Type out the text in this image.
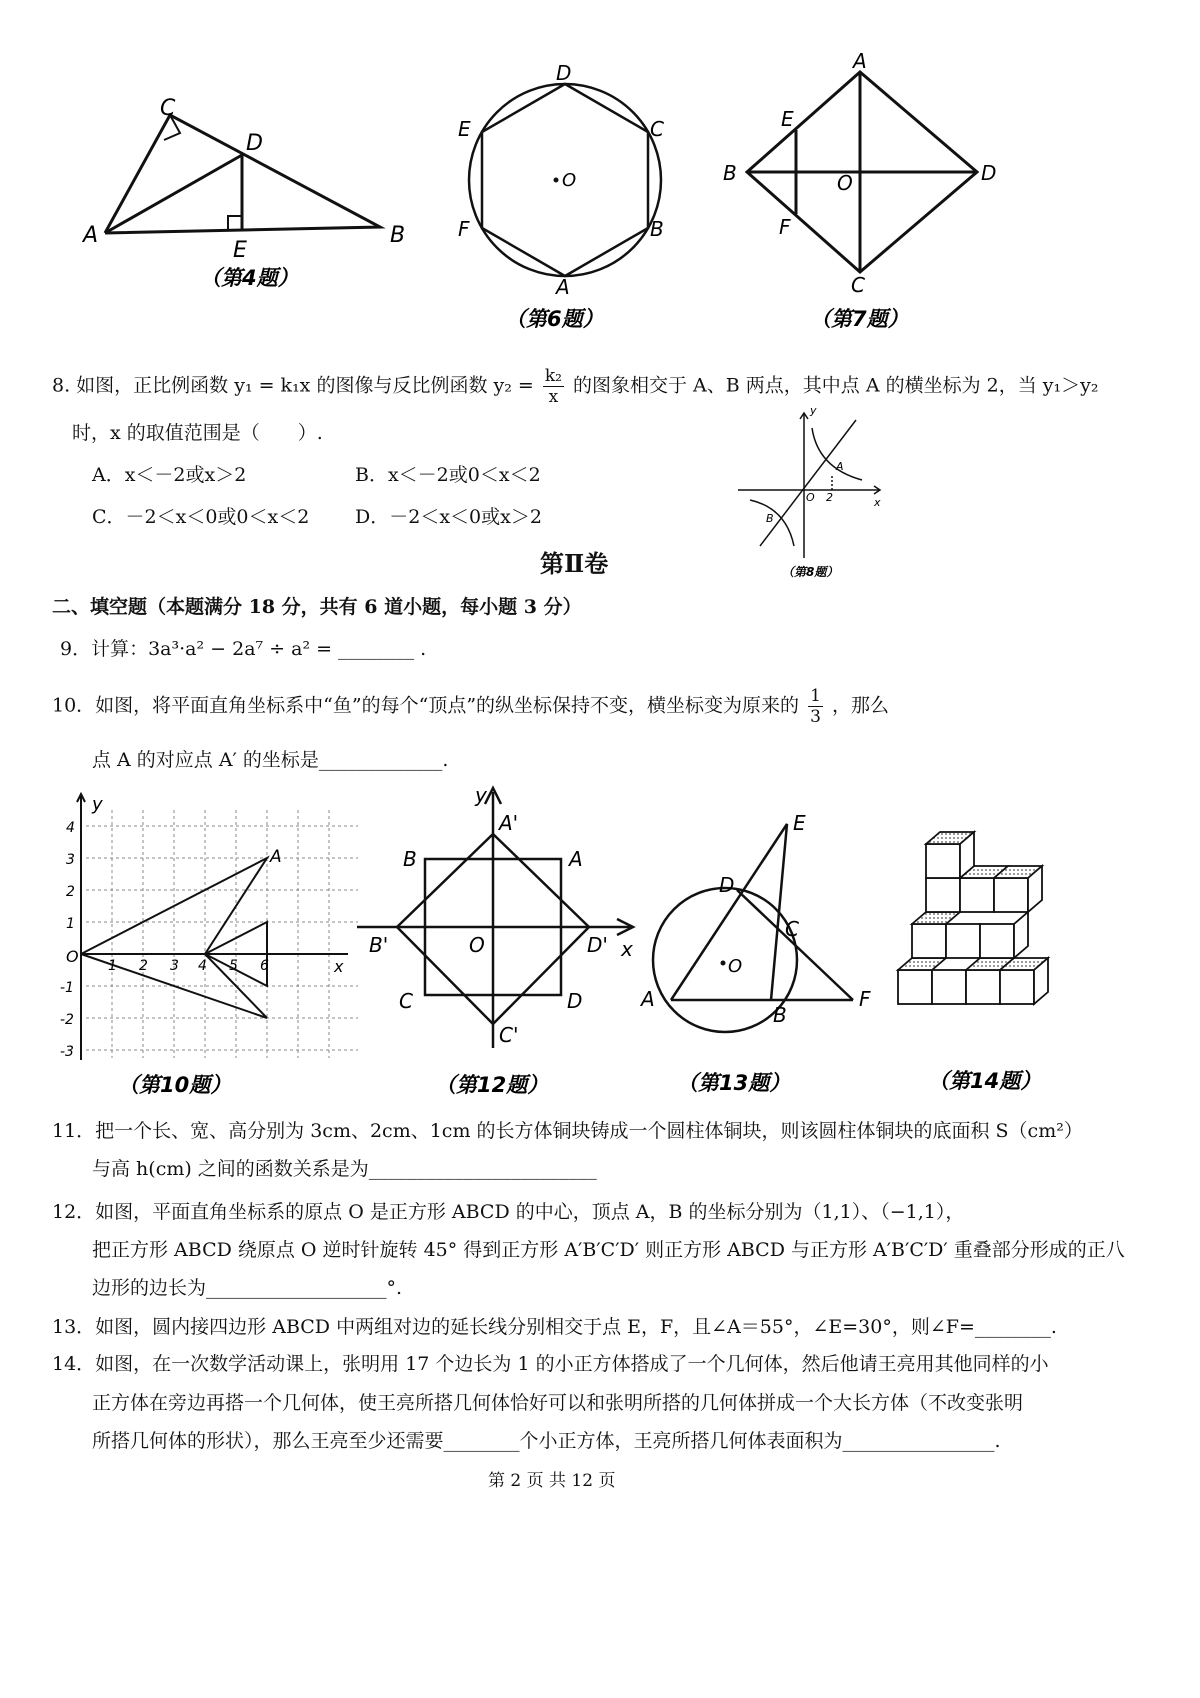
C
D
A
E
B
（第4题）
O
D
E	C
F	B
A
（第6题）
A
E
B	O	D
F
C
（第7题）
8. 如图，正比例函数 y₁ = k₁x 的图像与反比例函数 $y_2 = \frac{\text{k₂}}{x}$ 的图象相交于 A、B 两点，其中点 A 的横坐标为 2，当 y₁＞y₂
时，x 的取值范围是（　　）.
A．x＜－2或x＞2	B．x＜－2或0＜x＜2
C．－2＜x＜0或0＜x＜2 D．－2＜x＜0或x＞2
y
x
O 2
A
B
（第8题）
第Ⅱ卷
二、填空题（本题满分 18 分，共有 6 道小题，每小题 3 分）
9．计算：3a³·a² − 2a⁷ ÷ a² = ________ .
10．如图，将平面直角坐标系中“鱼”的每个“顶点”的纵坐标保持不变，横坐标变为原来的 $\frac{1}{3}$ ，那么
点 A 的对应点 A′ 的坐标是_____________.
y
x
O
A
1 2 3 4 5 6
4
3
2
1
-1
-2
-3
（第10题）
y
x
A'
B	A
B'	O	D'
C	D
C'
（第12题）
E
D
C
O
A
B
F
（第13题）	（第14题）
11．把一个长、宽、高分别为 3cm、2cm、1cm 的长方体铜块铸成一个圆柱体铜块，则该圆柱体铜块的底面积 S（cm²）
与高 h(cm) 之间的函数关系是为________________________
12．如图，平面直角坐标系的原点 O 是正方形 ABCD 的中心，顶点 A，B 的坐标分别为（1,1）、（−1,1），
把正方形 ABCD 绕原点 O 逆时针旋转 45° 得到正方形 A′B′C′D′ 则正方形 ABCD 与正方形 A′B′C′D′ 重叠部分形成的正八
边形的边长为___________________°.
13．如图，圆内接四边形 ABCD 中两组对边的延长线分别相交于点 E，F，且∠A＝55°，∠E=30°，则∠F=________.
14．如图，在一次数学活动课上，张明用 17 个边长为 1 的小正方体搭成了一个几何体，然后他请王亮用其他同样的小
正方体在旁边再搭一个几何体，使王亮所搭几何体恰好可以和张明所搭的几何体拼成一个大长方体（不改变张明
所搭几何体的形状），那么王亮至少还需要________个小正方体，王亮所搭几何体表面积为________________.
第 2 页 共 12 页
